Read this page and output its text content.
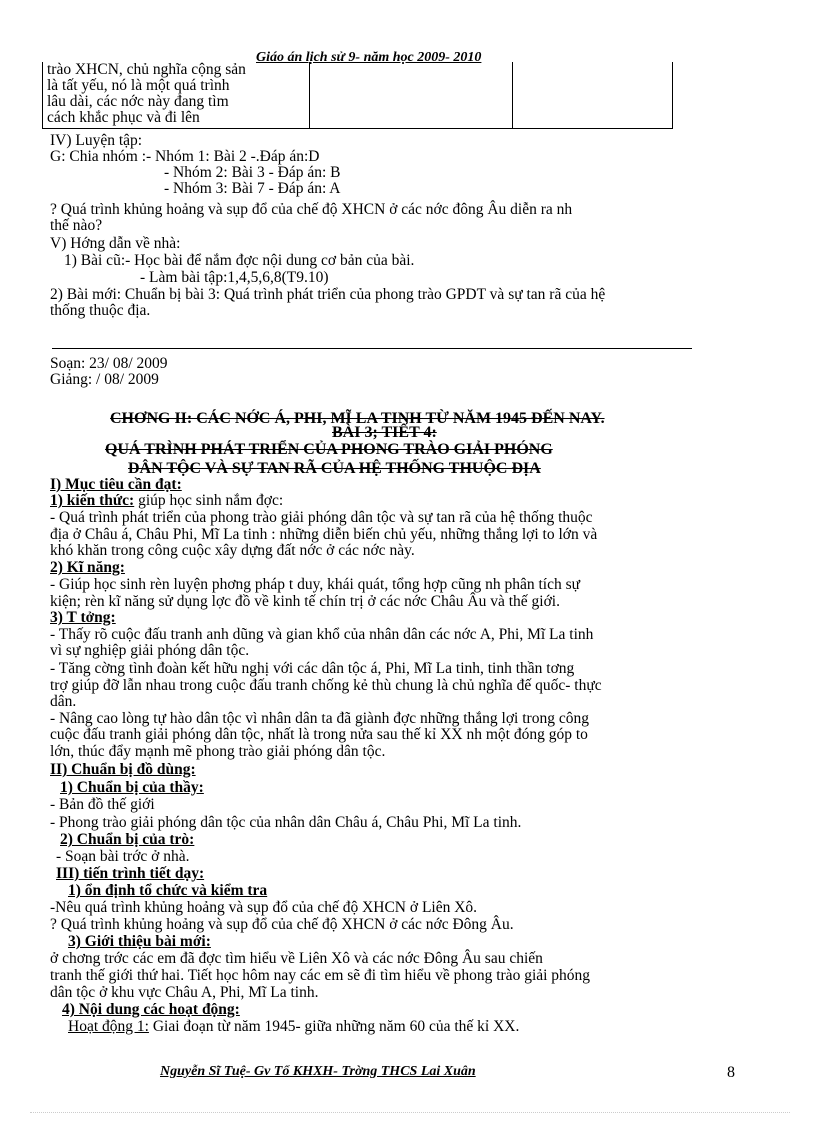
Giáo án lịch sử 9- năm học 2009- 2010
trào XHCN, chủ nghĩa cộng sản
là tất yếu, nó là một quá trình
lâu dài, các nớc này đang tìm
cách khắc phục và đi lên

IV) Luyện tập:
G: Chia nhóm :- Nhóm 1: Bài 2 -.Đáp án:D
- Nhóm 2: Bài 3 - Đáp án: B
- Nhóm 3: Bài 7 - Đáp án: A
? Quá trình khủng hoảng và sụp đổ của chế độ XHCN ở các nớc đông Âu diễn ra nh
thế nào?
V) Hớng dẫn về nhà:
1) Bài cũ:- Học bài để nắm đợc nội dung cơ bản của bài.
- Làm bài tập:1,4,5,6,8(T9.10)
2) Bài mới: Chuẩn bị bài 3: Quá trình phát triển của phong trào GPDT và sự tan rã của hệ
thống thuộc địa.
Soạn: 23/ 08/ 2009
Giảng: / 08/ 2009
CHƠNG II: CÁC NỚC Á, PHI, MĨ LA TINH TỪ NĂM 1945 ĐẾN NAY.
BÀI 3; TIẾT 4:
QUÁ TRÌNH PHÁT TRIỂN CỦA PHONG TRÀO GIẢI PHÓNG
DÂN TỘC VÀ SỰ TAN RÃ CỦA HỆ THỐNG THUỘC ĐỊA
I) Mục tiêu cần đạt:
1) kiến thức: giúp học sinh nắm đợc:
- Quá trình phát triển của phong trào giải phóng dân tộc và sự tan rã của hệ thống thuộc
địa ở Châu á, Châu Phi, Mĩ La tinh : những diễn biến chủ yếu, những thắng lợi to lớn và
khó khăn trong công cuộc xây dựng đất nớc ở các nớc này.
2) Kĩ năng:
- Giúp học sinh rèn luyện phơng pháp t duy, khái quát, tổng hợp cũng nh phân tích sự
kiện; rèn kĩ năng sử dụng lợc đồ về kinh tế chín trị ở các nớc Châu Âu và thế giới.
3) T tởng:
- Thấy rõ cuộc đấu tranh anh dũng và gian khổ của nhân dân các nớc A, Phi, Mĩ La tinh
vì sự nghiệp giải phóng dân tộc.
- Tăng cờng tình đoàn kết hữu nghị với các dân tộc á, Phi, Mĩ La tinh, tinh thần tơng
trợ giúp đỡ lẫn nhau trong cuộc đấu tranh chống kẻ thù chung là chủ nghĩa đế quốc- thực
dân.
- Nâng cao lòng tự hào dân tộc vì nhân dân ta đã giành đợc những thắng lợi trong công
cuộc đấu tranh giải phóng dân tộc, nhất là trong nửa sau thế kỉ XX nh một đóng góp to
lớn, thúc đẩy mạnh mẽ phong trào giải phóng dân tộc.
II) Chuẩn bị đồ dùng:
1) Chuẩn bị của thầy:
- Bản đồ thế giới
- Phong trào giải phóng dân tộc của nhân dân Châu á, Châu Phi, Mĩ La tinh.
2) Chuẩn bị của trò:
- Soạn bài trớc ở nhà.
III) tiến trình tiết dạy:
1) ổn định tổ chức và kiểm tra
-Nêu quá trình khủng hoảng và sụp đổ của chế độ XHCN ở Liên Xô.
? Quá trình khủng hoảng và sụp đổ của chế độ XHCN ở các nớc Đông Âu.
3) Giới thiệu bài mới:
ở chơng trớc các em đã đợc tìm hiểu về Liên Xô và các nớc Đông Âu sau chiến
tranh thế giới thứ hai. Tiết học hôm nay các em sẽ đi tìm hiểu về phong trào giải phóng
dân tộc ở khu vực Châu A, Phi, Mĩ La tinh.
4) Nội dung các hoạt động:
Hoạt động 1: Giai đoạn từ năm 1945- giữa những năm 60 của thế kỉ XX.
Nguyễn Sĩ Tuệ- Gv Tổ KHXH- Trờng THCS Lai Xuân	8
